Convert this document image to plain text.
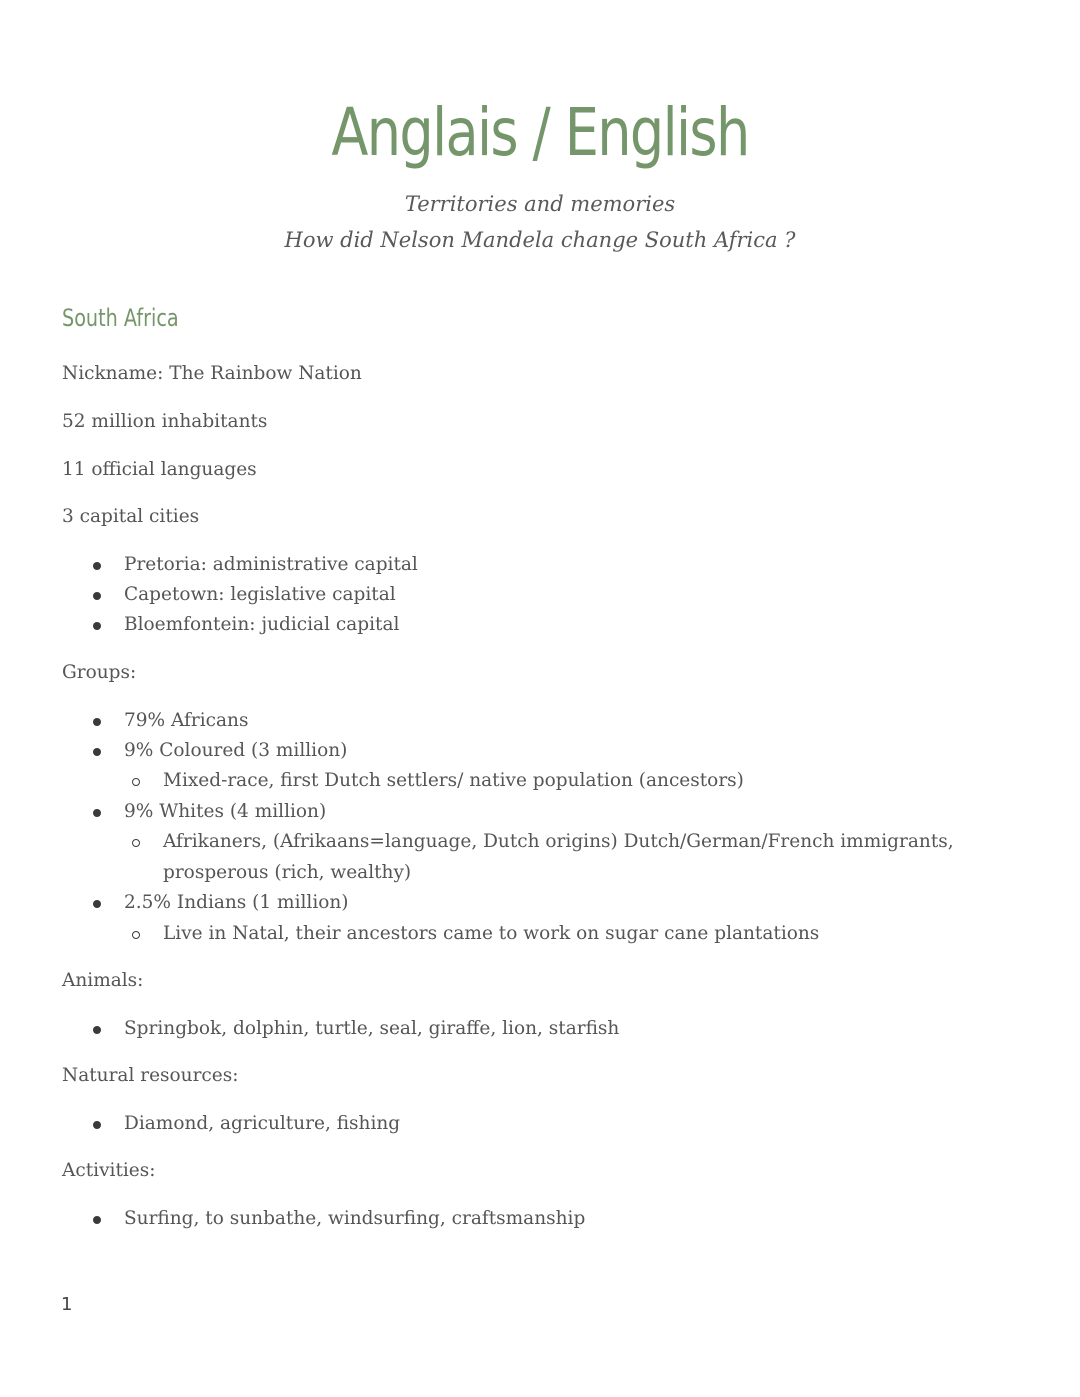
Anglais / English
Territories and memories
How did Nelson Mandela change South Africa ?
South Africa
Nickname: The Rainbow Nation
52 million inhabitants
11 official languages
3 capital cities
Pretoria: administrative capital
Capetown: legislative capital
Bloemfontein: judicial capital
Groups:
79% Africans
9% Coloured (3 million)
Mixed-race, first Dutch settlers/ native population (ancestors)
9% Whites (4 million)
Afrikaners, (Afrikaans=language, Dutch origins) Dutch/German/French immigrants,
prosperous (rich, wealthy)
2.5% Indians (1 million)
Live in Natal, their ancestors came to work on sugar cane plantations
Animals:
Springbok, dolphin, turtle, seal, giraffe, lion, starfish
Natural resources:
Diamond, agriculture, fishing
Activities:
Surfing, to sunbathe, windsurfing, craftsmanship
1
